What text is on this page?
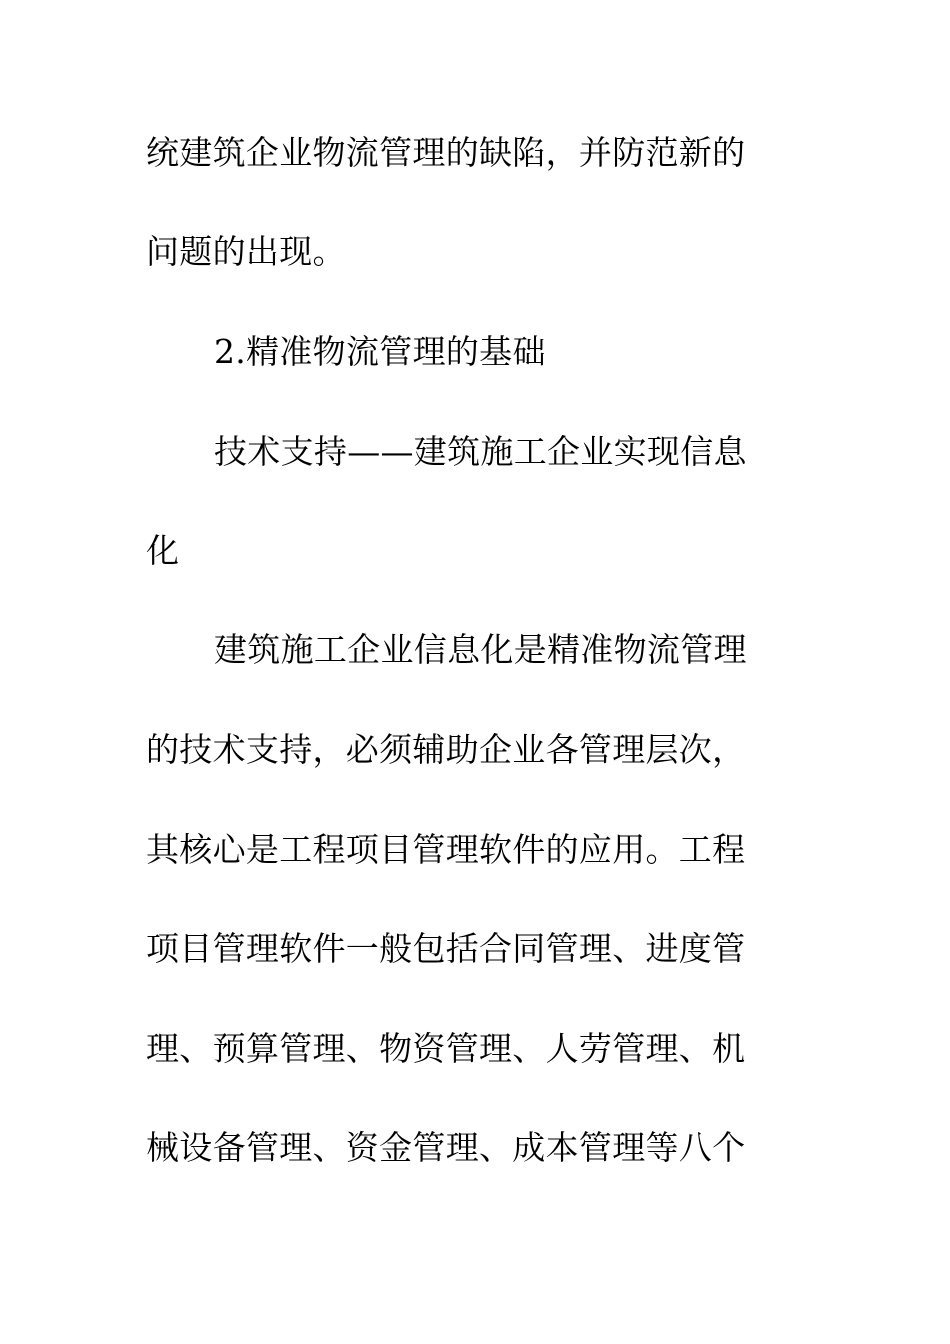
统建筑企业物流管理的缺陷，并防范新的
问题的出现。
2.精准物流管理的基础
技术支持——建筑施工企业实现信息
化
建筑施工企业信息化是精准物流管理
的技术支持，必须辅助企业各管理层次，
其核心是工程项目管理软件的应用。工程
项目管理软件一般包括合同管理、进度管
理、预算管理、物资管理、人劳管理、机
械设备管理、资金管理、成本管理等八个
